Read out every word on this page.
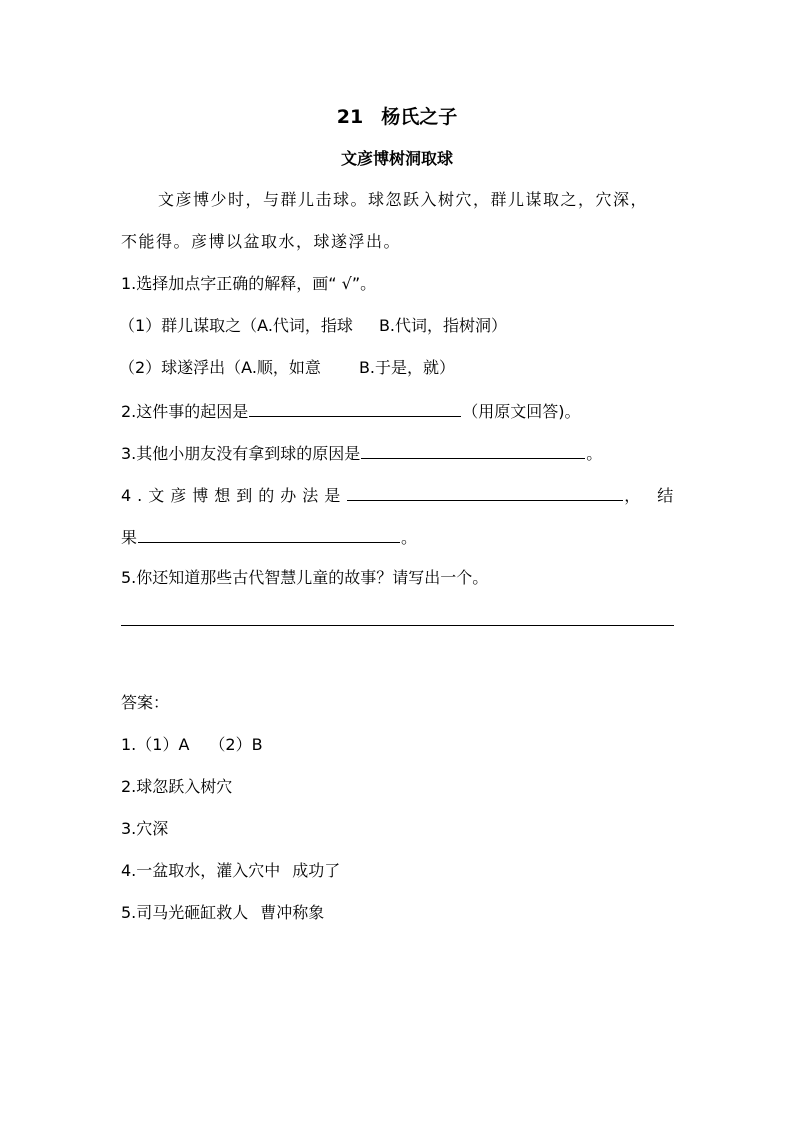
21 杨氏之子
文彦博树洞取球
文彦博少时，与群儿击球。球忽跃入树穴，群儿谋取之，穴深，
不能得。彦博以盆取水，球遂浮出。
1.选择加点字正确的解释，画“ √”。
（1）群儿谋取之（A.代词，指球 B.代词，指树洞）
（2）球遂浮出（A.顺，如意 B.于是，就）
2.这件事的起因是	（用原文回答)。
3.其他小朋友没有拿到球的原因是	。
4.文彦博想到的办法是	，结
果	。
5.你还知道那些古代智慧儿童的故事？请写出一个。
答案：
1.（1）A （2）B
2.球忽跃入树穴
3.穴深
4.一盆取水，灌入穴中 成功了
5.司马光砸缸救人 曹冲称象
